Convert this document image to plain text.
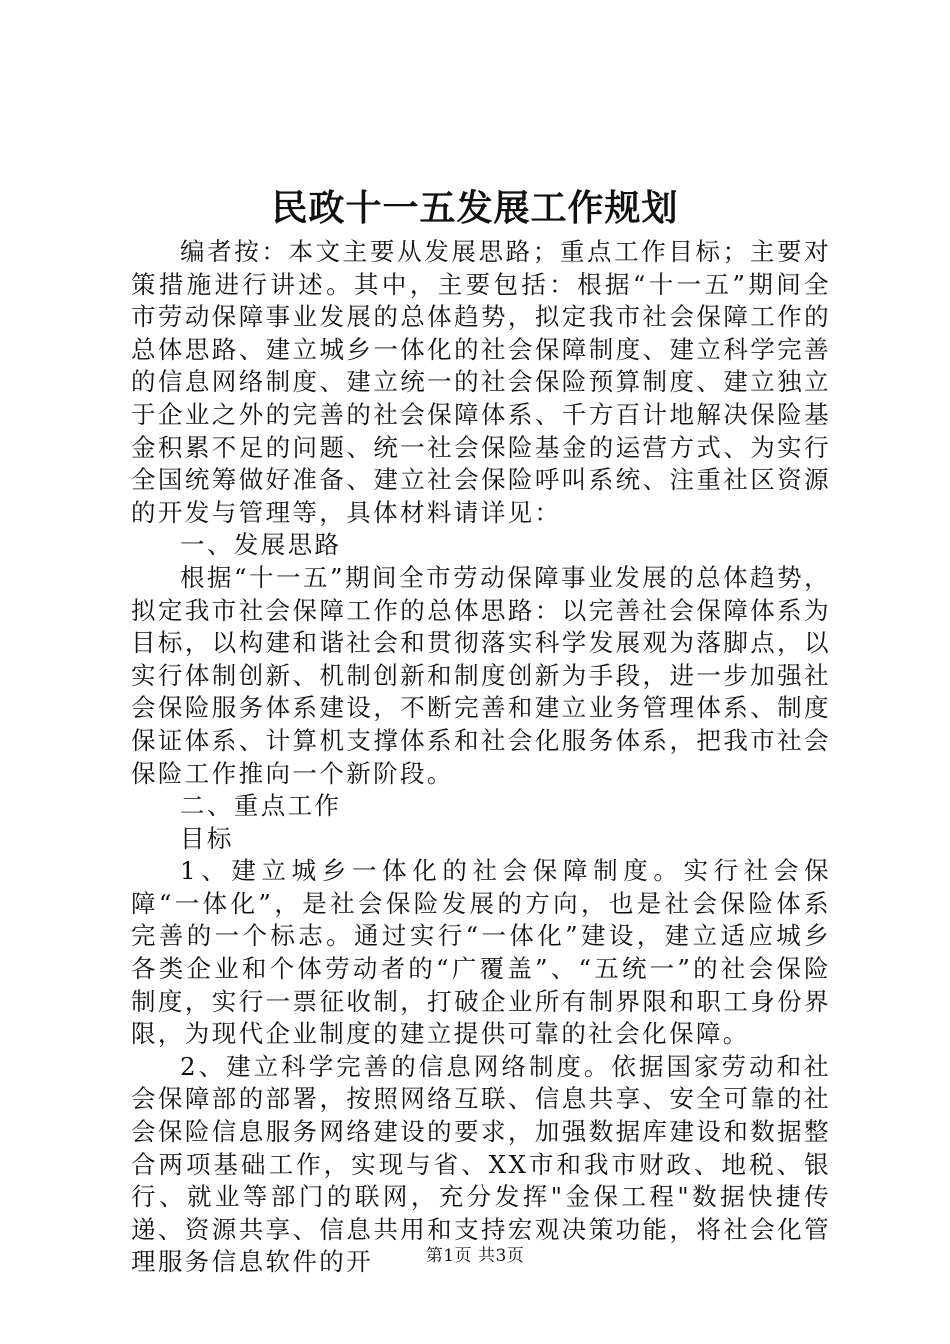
民政十一五发展工作规划

编者按：本文主要从发展思路；重点工作目标；主要对策措施进行讲述。其中，主要包括：根据“十一五”期间全市劳动保障事业发展的总体趋势，拟定我市社会保障工作的总体思路、建立城乡一体化的社会保障制度、建立科学完善的信息网络制度、建立统一的社会保险预算制度、建立独立于企业之外的完善的社会保障体系、千方百计地解决保险基金积累不足的问题、统一社会保险基金的运营方式、为实行全国统筹做好准备、建立社会保险呼叫系统、注重社区资源的开发与管理等，具体材料请详见：

一、发展思路

根据“十一五”期间全市劳动保障事业发展的总体趋势，拟定我市社会保障工作的总体思路：以完善社会保障体系为目标，以构建和谐社会和贯彻落实科学发展观为落脚点，以实行体制创新、机制创新和制度创新为手段，进一步加强社会保险服务体系建设，不断完善和建立业务管理体系、制度保证体系、计算机支撑体系和社会化服务体系，把我市社会保险工作推向一个新阶段。

二、重点工作

目标

1、建立城乡一体化的社会保障制度。实行社会保障“一体化”，是社会保险发展的方向，也是社会保险体系完善的一个标志。通过实行“一体化”建设，建立适应城乡各类企业和个体劳动者的“广覆盖”、“五统一”的社会保险制度，实行一票征收制，打破企业所有制界限和职工身份界限，为现代企业制度的建立提供可靠的社会化保障。

2、建立科学完善的信息网络制度。依据国家劳动和社会保障部的部署，按照网络互联、信息共享、安全可靠的社会保险信息服务网络建设的要求，加强数据库建设和数据整合两项基础工作，实现与省、XX市和我市财政、地税、银行、就业等部门的联网，充分发挥"金保工程"数据快捷传递、资源共享、信息共用和支持宏观决策功能，将社会化管理服务信息软件的开	第1页 共3页
